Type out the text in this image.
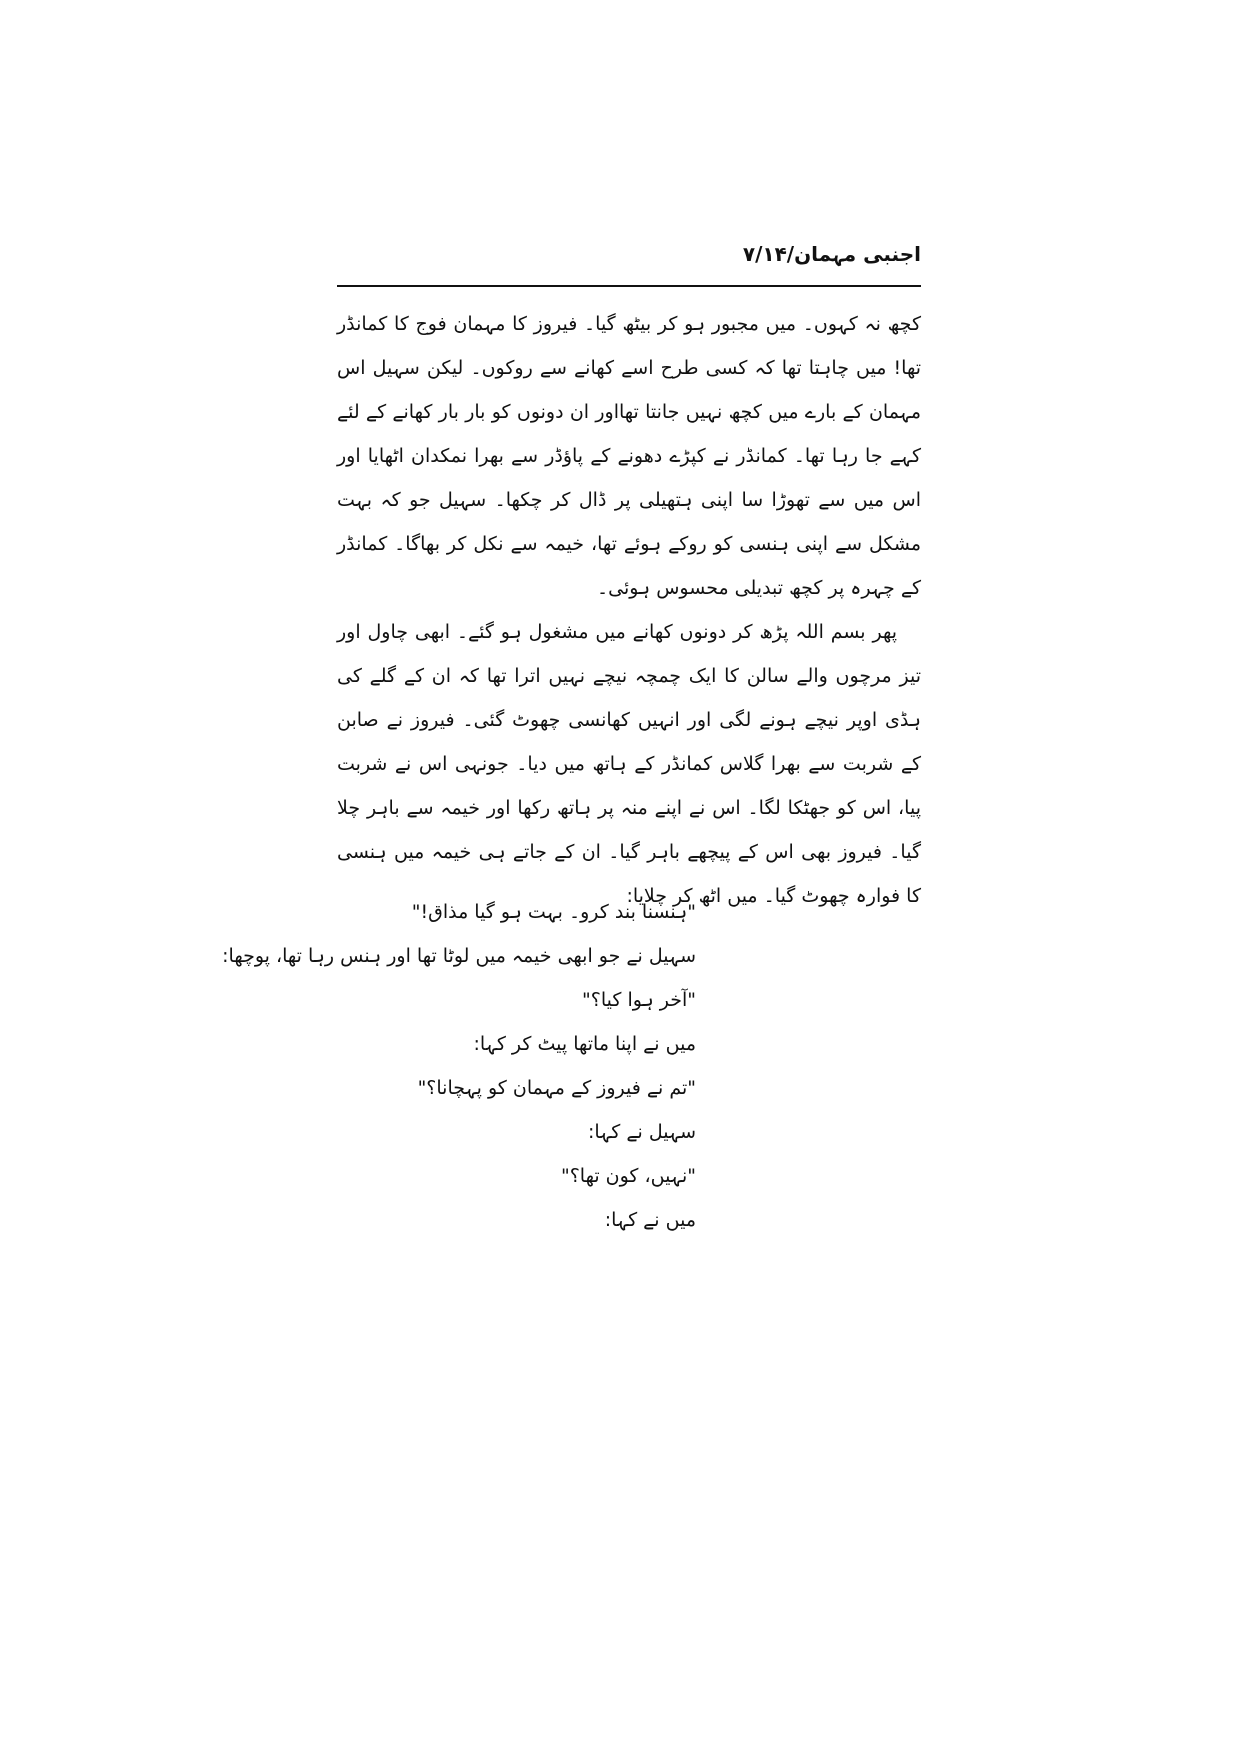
اجنبی مہمان/۷/۱۴

کچھ نہ کہوں۔ میں مجبور ہو کر بیٹھ گیا۔ فیروز کا مہمان فوج کا کمانڈر تھا! میں چاہتا تھا کہ کسی طرح اسے کھانے سے روکوں۔ لیکن سہیل اس مہمان کے بارے میں کچھ نہیں جانتا تھااور ان دونوں کو بار بار کھانے کے لئے کہے جا رہا تھا۔ کمانڈر نے کپڑے دھونے کے پاؤڈر سے بھرا نمکدان اٹھایا اور اس میں سے تھوڑا سا اپنی ہتھیلی پر ڈال کر چکھا۔ سہیل جو کہ بہت مشکل سے اپنی ہنسی کو روکے ہوئے تھا، خیمہ سے نکل کر بھاگا۔ کمانڈر کے چہرہ پر کچھ تبدیلی محسوس ہوئی۔

پھر بسم اللہ پڑھ کر دونوں کھانے میں مشغول ہو گئے۔ ابھی چاول اور تیز مرچوں والے سالن کا ایک چمچہ نیچے نہیں اترا تھا کہ ان کے گلے کی ہڈی اوپر نیچے ہونے لگی اور انہیں کھانسی چھوٹ گئی۔ فیروز نے صابن کے شربت سے بھرا گلاس کمانڈر کے ہاتھ میں دیا۔ جونہی اس نے شربت پیا، اس کو جھٹکا لگا۔ اس نے اپنے منہ پر ہاتھ رکھا اور خیمہ سے باہر چلا گیا۔ فیروز بھی اس کے پیچھے باہر گیا۔ ان کے جاتے ہی خیمہ میں ہنسی کا فوارہ چھوٹ گیا۔ میں اٹھ کر چلایا:

"ہنسنا بند کرو۔ بہت ہو گیا مذاق!"

سہیل نے جو ابھی خیمہ میں لوٹا تھا اور ہنس رہا تھا، پوچھا:

"آخر ہوا کیا؟"

میں نے اپنا ماتھا پیٹ کر کہا:

"تم نے فیروز کے مہمان کو پہچانا؟"

سہیل نے کہا:

"نہیں، کون تھا؟"

میں نے کہا:
